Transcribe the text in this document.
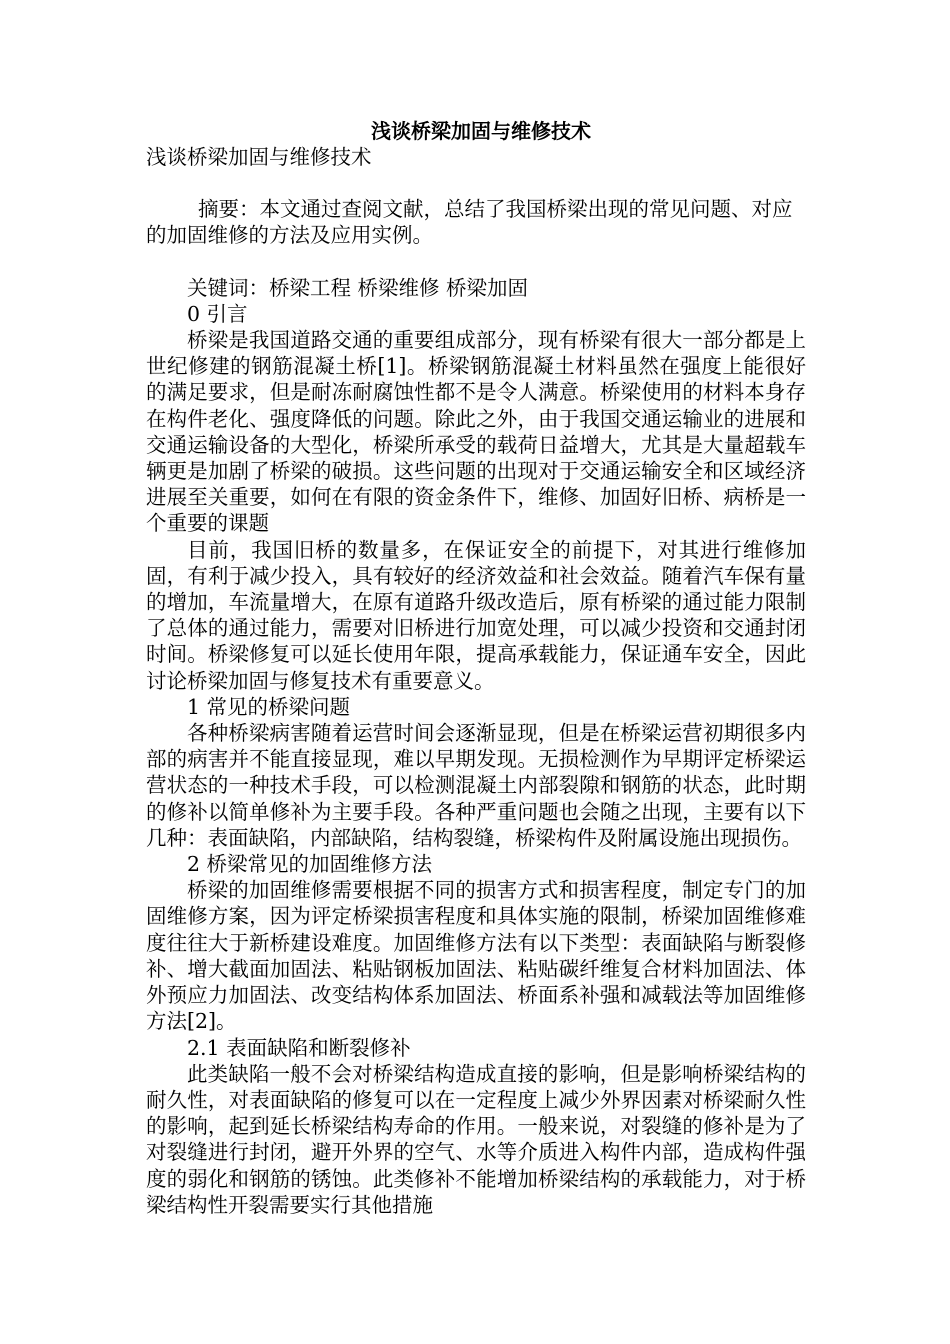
浅谈桥梁加固与维修技术

浅谈桥梁加固与维修技术

摘要：本文通过查阅文献，总结了我国桥梁出现的常见问题、对应的加固维修的方法及应用实例。

关键词：桥梁工程 桥梁维修 桥梁加固

0 引言

桥梁是我国道路交通的重要组成部分，现有桥梁有很大一部分都是上世纪修建的钢筋混凝土桥[1]。桥梁钢筋混凝土材料虽然在强度上能很好的满足要求，但是耐冻耐腐蚀性都不是令人满意。桥梁使用的材料本身存在构件老化、强度降低的问题。除此之外，由于我国交通运输业的进展和交通运输设备的大型化，桥梁所承受的载荷日益增大，尤其是大量超载车辆更是加剧了桥梁的破损。这些问题的出现对于交通运输安全和区域经济进展至关重要，如何在有限的资金条件下，维修、加固好旧桥、病桥是一个重要的课题

目前，我国旧桥的数量多，在保证安全的前提下，对其进行维修加固，有利于减少投入，具有较好的经济效益和社会效益。随着汽车保有量的增加，车流量增大，在原有道路升级改造后，原有桥梁的通过能力限制了总体的通过能力，需要对旧桥进行加宽处理，可以减少投资和交通封闭时间。桥梁修复可以延长使用年限，提高承载能力，保证通车安全，因此讨论桥梁加固与修复技术有重要意义。

1 常见的桥梁问题

各种桥梁病害随着运营时间会逐渐显现，但是在桥梁运营初期很多内部的病害并不能直接显现，难以早期发现。无损检测作为早期评定桥梁运营状态的一种技术手段，可以检测混凝土内部裂隙和钢筋的状态，此时期的修补以简单修补为主要手段。各种严重问题也会随之出现，主要有以下几种：表面缺陷，内部缺陷，结构裂缝，桥梁构件及附属设施出现损伤。

2 桥梁常见的加固维修方法

桥梁的加固维修需要根据不同的损害方式和损害程度，制定专门的加固维修方案，因为评定桥梁损害程度和具体实施的限制，桥梁加固维修难度往往大于新桥建设难度。加固维修方法有以下类型：表面缺陷与断裂修补、增大截面加固法、粘贴钢板加固法、粘贴碳纤维复合材料加固法、体外预应力加固法、改变结构体系加固法、桥面系补强和减载法等加固维修方法[2]。

2.1 表面缺陷和断裂修补

此类缺陷一般不会对桥梁结构造成直接的影响，但是影响桥梁结构的耐久性，对表面缺陷的修复可以在一定程度上减少外界因素对桥梁耐久性的影响，起到延长桥梁结构寿命的作用。一般来说，对裂缝的修补是为了对裂缝进行封闭，避开外界的空气、水等介质进入构件内部，造成构件强度的弱化和钢筋的锈蚀。此类修补不能增加桥梁结构的承载能力，对于桥梁结构性开裂需要实行其他措施
